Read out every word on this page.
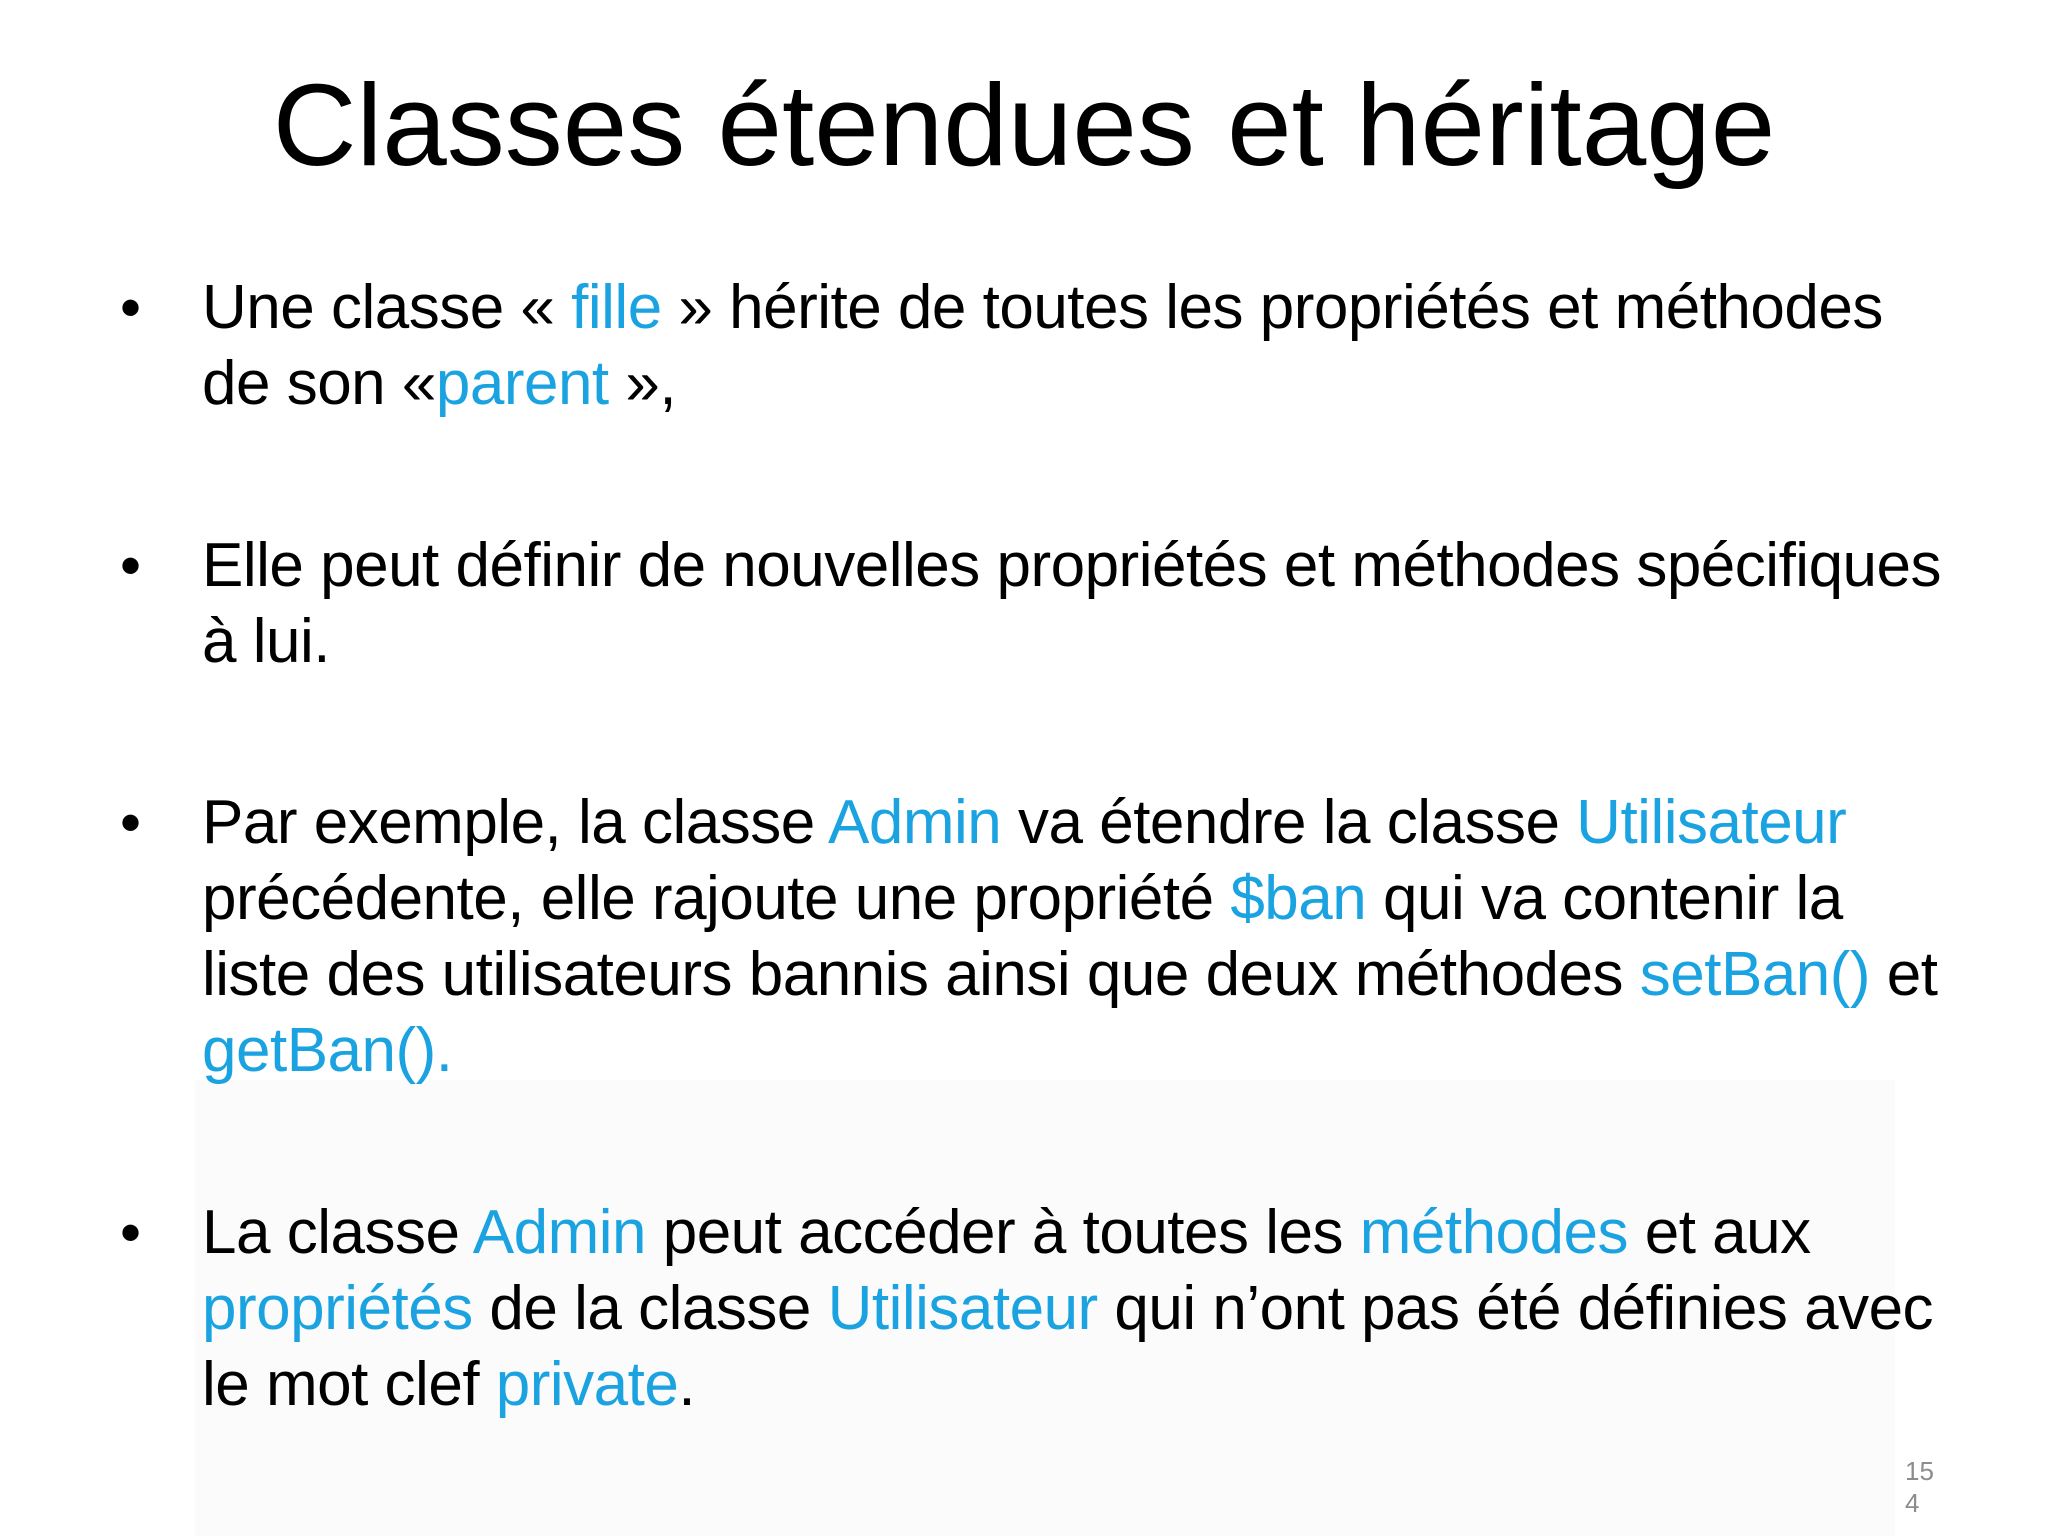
Classes étendues et héritage
• Une classe « fille » hérite de toutes les propriétés et méthodes de son «parent »,
• Elle peut définir de nouvelles propriétés et méthodes spécifiques à lui.
• Par exemple, la classe Admin va étendre la classe Utilisateur précédente, elle rajoute une propriété $ban qui va contenir la liste des utilisateurs bannis ainsi que deux méthodes setBan() et getBan().
• La classe Admin peut accéder à toutes les méthodes et aux propriétés de la classe Utilisateur qui n’ont pas été définies avec le mot clef private.
154
